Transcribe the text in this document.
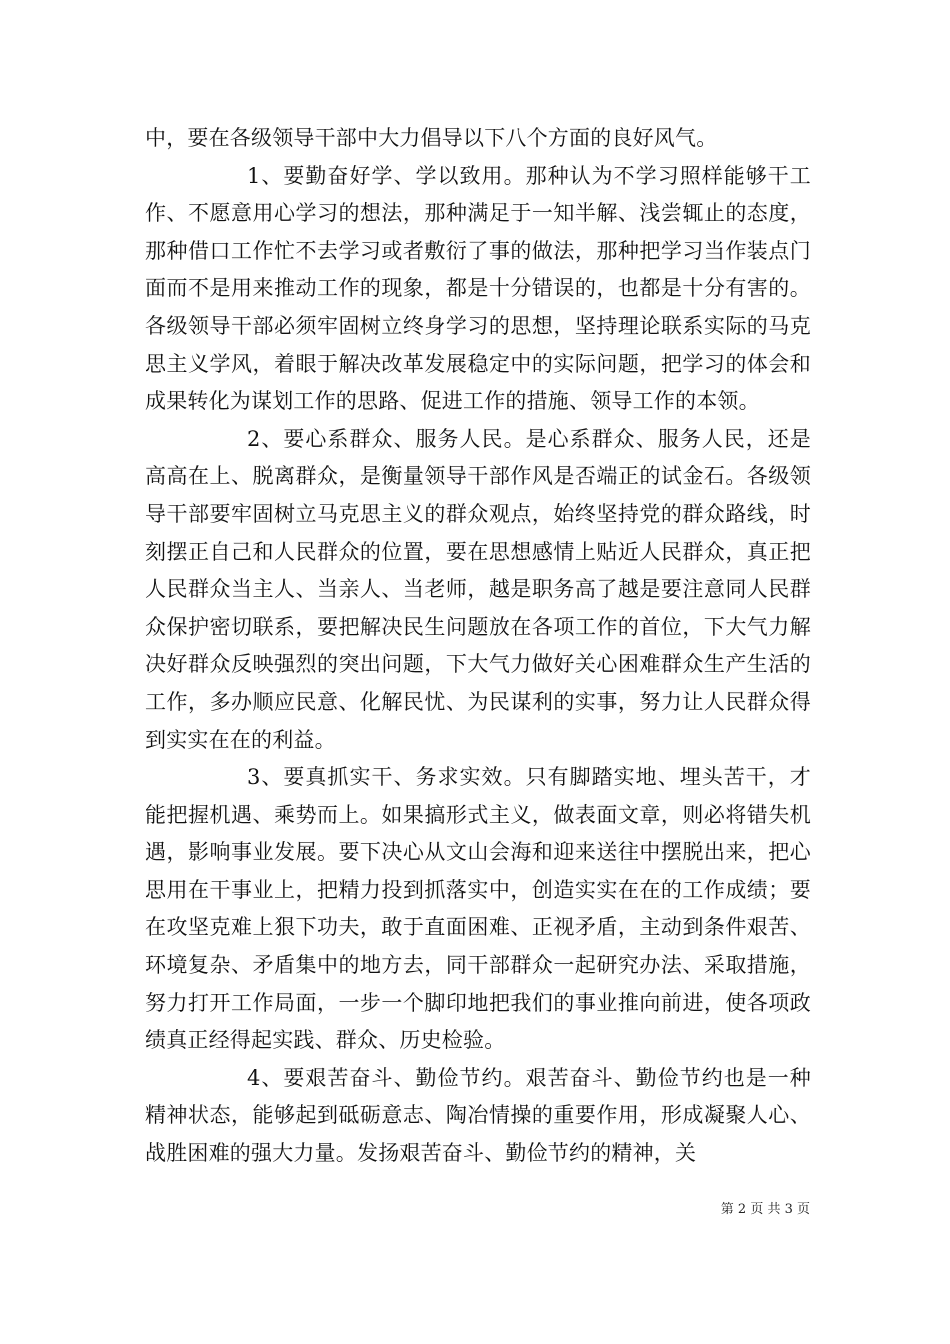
中，要在各级领导干部中大力倡导以下八个方面的良好风气。

1、要勤奋好学、学以致用。那种认为不学习照样能够干工作、不愿意用心学习的想法，那种满足于一知半解、浅尝辄止的态度，那种借口工作忙不去学习或者敷衍了事的做法，那种把学习当作装点门面而不是用来推动工作的现象，都是十分错误的，也都是十分有害的。各级领导干部必须牢固树立终身学习的思想，坚持理论联系实际的马克思主义学风，着眼于解决改革发展稳定中的实际问题，把学习的体会和成果转化为谋划工作的思路、促进工作的措施、领导工作的本领。

2、要心系群众、服务人民。是心系群众、服务人民，还是高高在上、脱离群众，是衡量领导干部作风是否端正的试金石。各级领导干部要牢固树立马克思主义的群众观点，始终坚持党的群众路线，时刻摆正自己和人民群众的位置，要在思想感情上贴近人民群众，真正把人民群众当主人、当亲人、当老师，越是职务高了越是要注意同人民群众保护密切联系，要把解决民生问题放在各项工作的首位，下大气力解决好群众反映强烈的突出问题，下大气力做好关心困难群众生产生活的工作，多办顺应民意、化解民忧、为民谋利的实事，努力让人民群众得到实实在在的利益。

3、要真抓实干、务求实效。只有脚踏实地、埋头苦干，才能把握机遇、乘势而上。如果搞形式主义，做表面文章，则必将错失机遇，影响事业发展。要下决心从文山会海和迎来送往中摆脱出来，把心思用在干事业上，把精力投到抓落实中，创造实实在在的工作成绩；要在攻坚克难上狠下功夫，敢于直面困难、正视矛盾，主动到条件艰苦、环境复杂、矛盾集中的地方去，同干部群众一起研究办法、采取措施，努力打开工作局面，一步一个脚印地把我们的事业推向前进，使各项政绩真正经得起实践、群众、历史检验。

4、要艰苦奋斗、勤俭节约。艰苦奋斗、勤俭节约也是一种精神状态，能够起到砥砺意志、陶冶情操的重要作用，形成凝聚人心、战胜困难的强大力量。发扬艰苦奋斗、勤俭节约的精神，关

第 2 页 共 3 页
